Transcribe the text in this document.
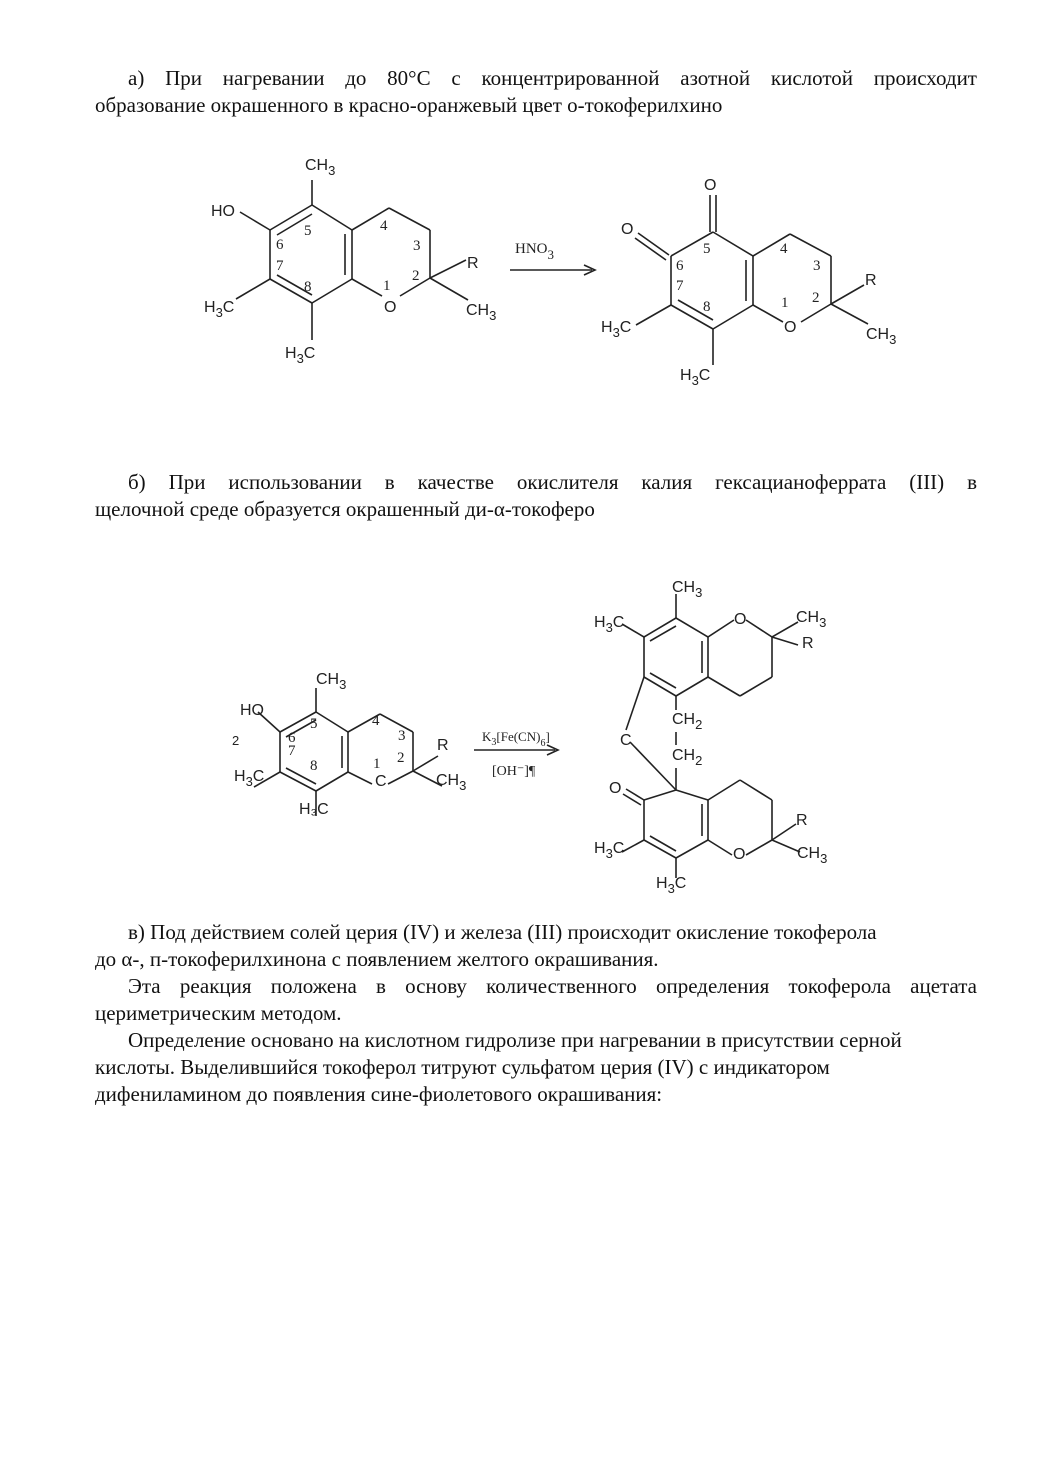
а) При нагревании до 80°С с концентрированной азотной кислотой происходит

образование окрашенного в красно-оранжевый цвет о-токоферилхино

$CH_3$
HO
R
O	$CH_3$
$H_3C$
$H_3C$
4
5
6
7
8
3
2
1
HNO3
O
O
R
O	$CH_3$
$H_3C$
$H_3C$
4
5
6
7
8
3
2
1

б) При использовании в качестве окислителя калия гексацианоферрата (III) в

щелочной среде образуется окрашенный ди-α-токоферо

$CH_3$
HO
2	R
C	$CH_3$
$H_3C$
H₃C
4
5
6
7
8
3
2
1
$K_3[Fe(CN)_6]$
[OH⁻]¶
$CH_3$
$H_3C$	O	$CH_3$
R
$CH_2$
C
$CH_2$
O
R
O	$CH_3$
$H_3C$
$H_3C$

в) Под действием солей церия (IV) и железа (III) происходит окисление токоферола до α-, п-токоферилхинона с появлением желтого окрашивания.

Эта реакция положена в основу количественного определения токоферола ацетата цериметрическим методом.

Определение основано на кислотном гидролизе при нагревании в присутствии серной кислоты. Выделившийся токоферол титруют сульфатом церия (IV) с индикатором дифениламином до появления сине-фиолетового окрашивания:
